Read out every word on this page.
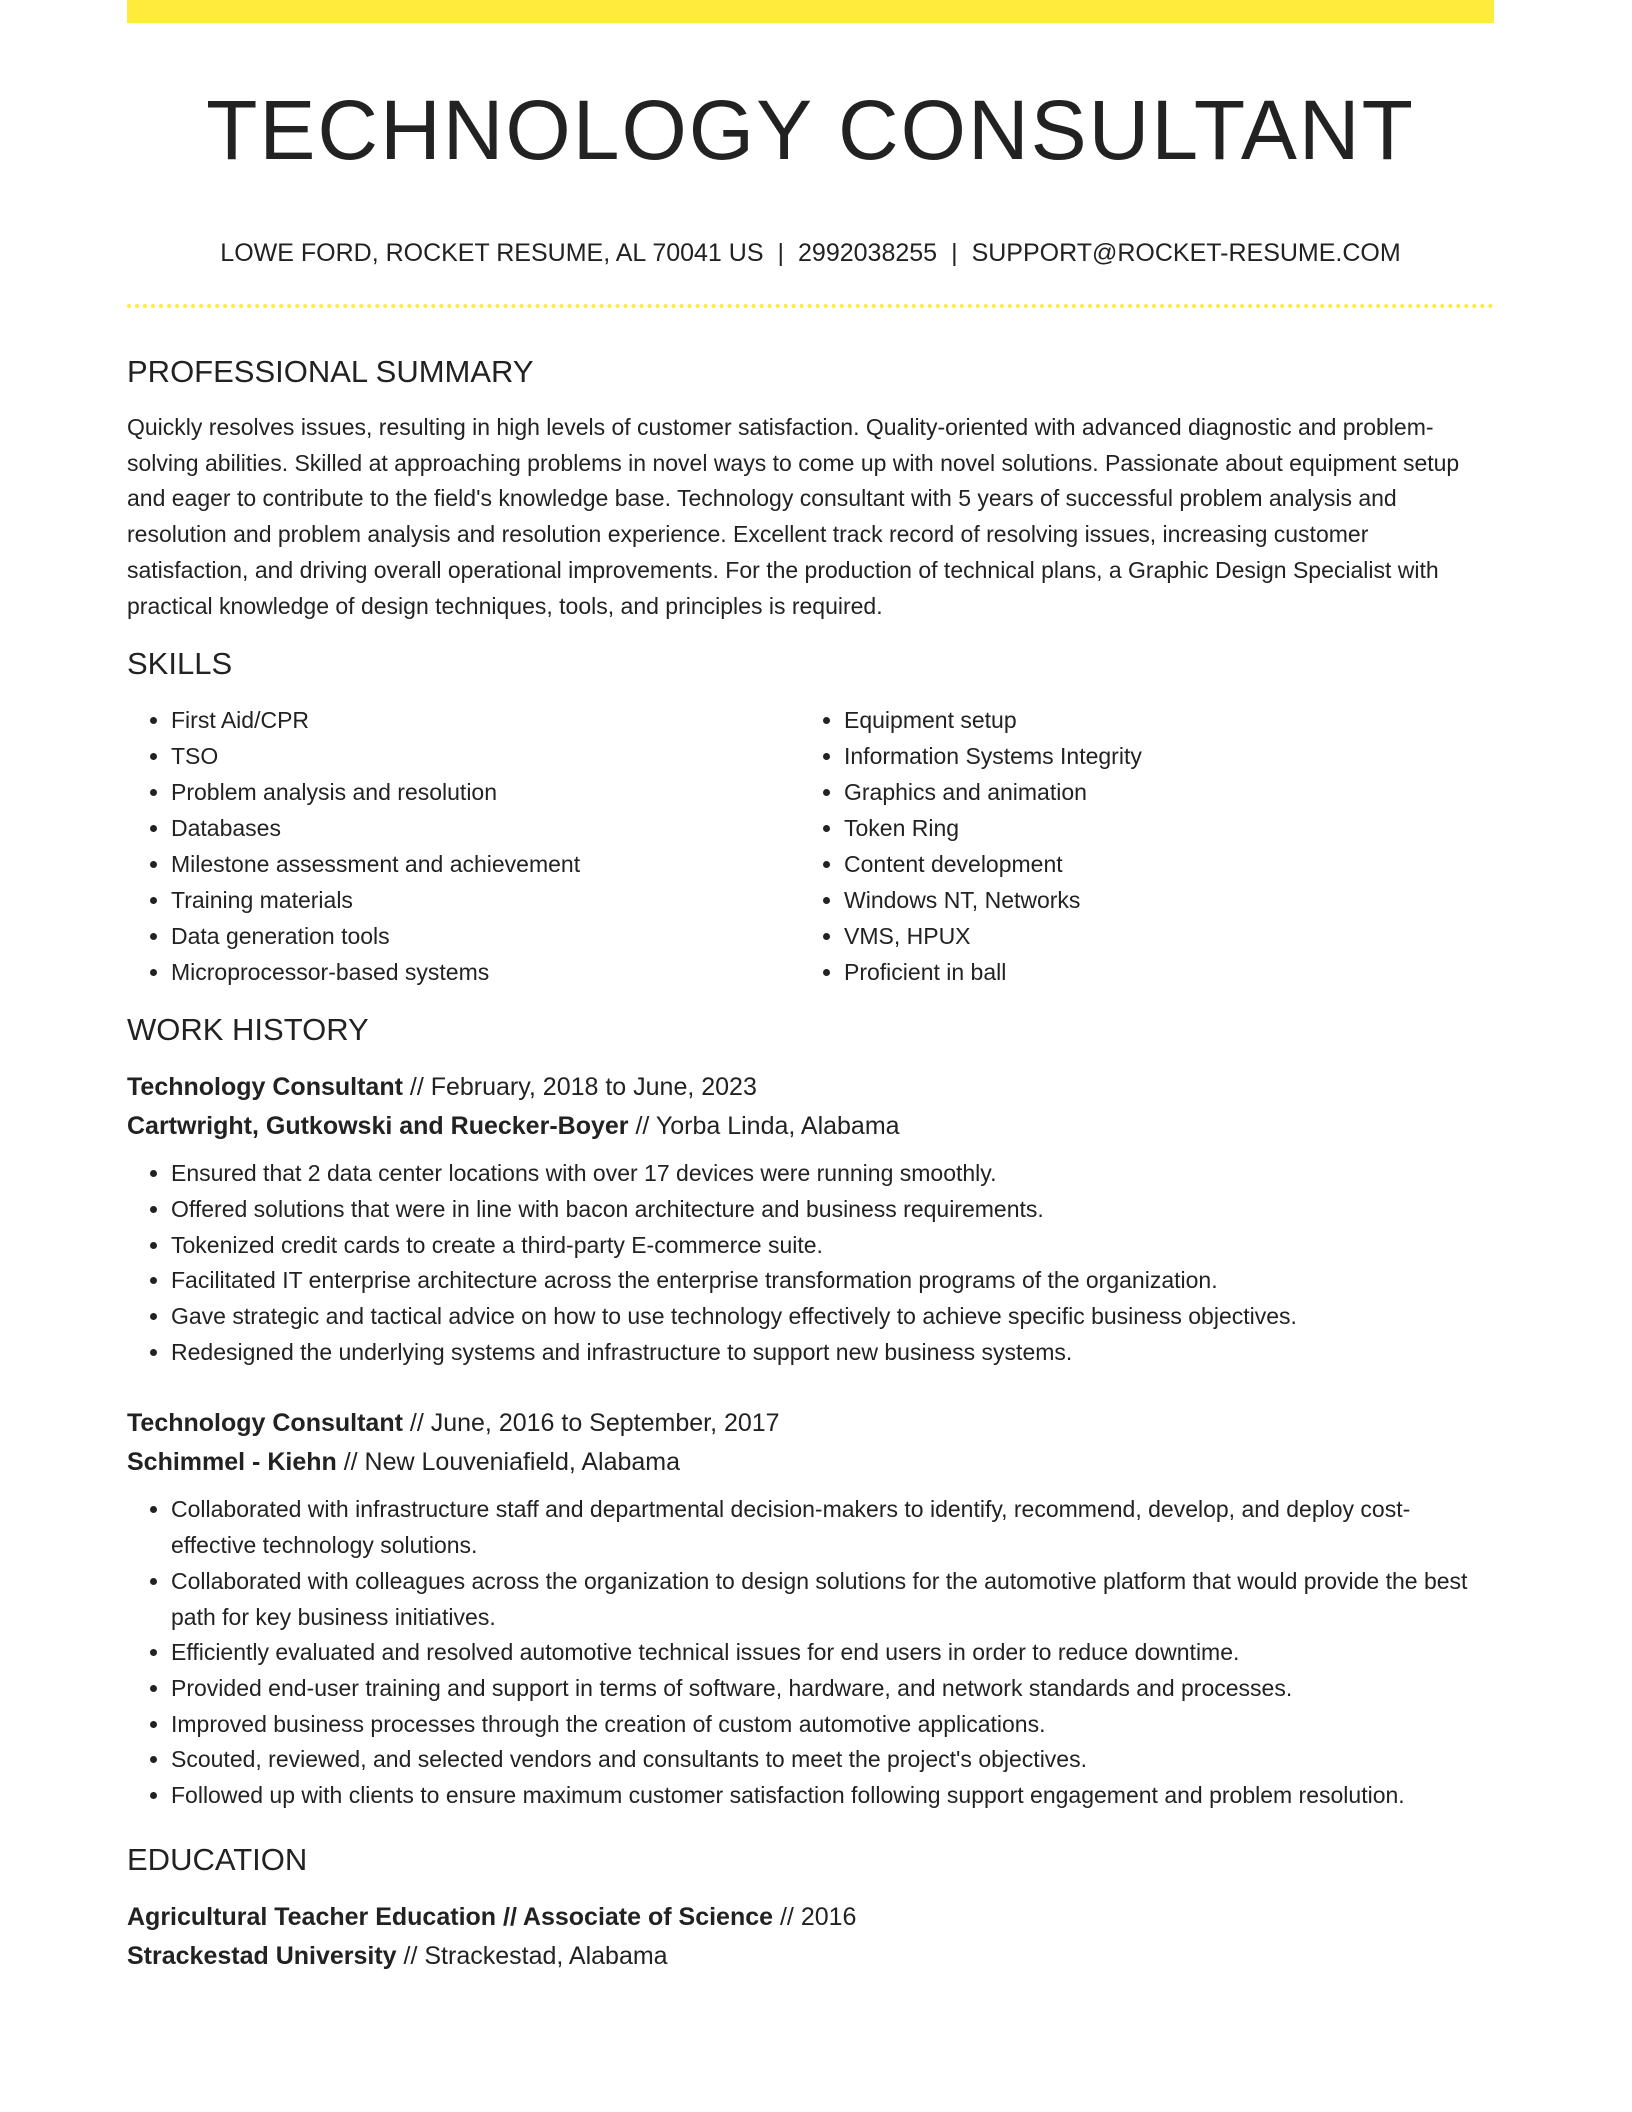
TECHNOLOGY CONSULTANT
LOWE FORD, ROCKET RESUME, AL 70041 US | 2992038255 | SUPPORT@ROCKET-RESUME.COM
PROFESSIONAL SUMMARY

Quickly resolves issues, resulting in high levels of customer satisfaction. Quality-oriented with advanced diagnostic and problem-solving abilities. Skilled at approaching problems in novel ways to come up with novel solutions. Passionate about equipment setup and eager to contribute to the field's knowledge base. Technology consultant with 5 years of successful problem analysis and resolution and problem analysis and resolution experience. Excellent track record of resolving issues, increasing customer satisfaction, and driving overall operational improvements. For the production of technical plans, a Graphic Design Specialist with practical knowledge of design techniques, tools, and principles is required.

SKILLS
• First Aid/CPR
• TSO
• Problem analysis and resolution
• Databases
• Milestone assessment and achievement
• Training materials
• Data generation tools
• Microprocessor-based systems
• Equipment setup
• Information Systems Integrity
• Graphics and animation
• Token Ring
• Content development
• Windows NT, Networks
• VMS, HPUX
• Proficient in ball
WORK HISTORY
Technology Consultant // February, 2018 to June, 2023
Cartwright, Gutkowski and Ruecker-Boyer // Yorba Linda, Alabama
• Ensured that 2 data center locations with over 17 devices were running smoothly.
• Offered solutions that were in line with bacon architecture and business requirements.
• Tokenized credit cards to create a third-party E-commerce suite.
• Facilitated IT enterprise architecture across the enterprise transformation programs of the organization.
• Gave strategic and tactical advice on how to use technology effectively to achieve specific business objectives.
• Redesigned the underlying systems and infrastructure to support new business systems.
Technology Consultant // June, 2016 to September, 2017
Schimmel - Kiehn // New Louveniafield, Alabama
• Collaborated with infrastructure staff and departmental decision-makers to identify, recommend, develop, and deploy cost-effective technology solutions.
• Collaborated with colleagues across the organization to design solutions for the automotive platform that would provide the best path for key business initiatives.
• Efficiently evaluated and resolved automotive technical issues for end users in order to reduce downtime.
• Provided end-user training and support in terms of software, hardware, and network standards and processes.
• Improved business processes through the creation of custom automotive applications.
• Scouted, reviewed, and selected vendors and consultants to meet the project's objectives.
• Followed up with clients to ensure maximum customer satisfaction following support engagement and problem resolution.
EDUCATION
Agricultural Teacher Education // Associate of Science // 2016
Strackestad University // Strackestad, Alabama
